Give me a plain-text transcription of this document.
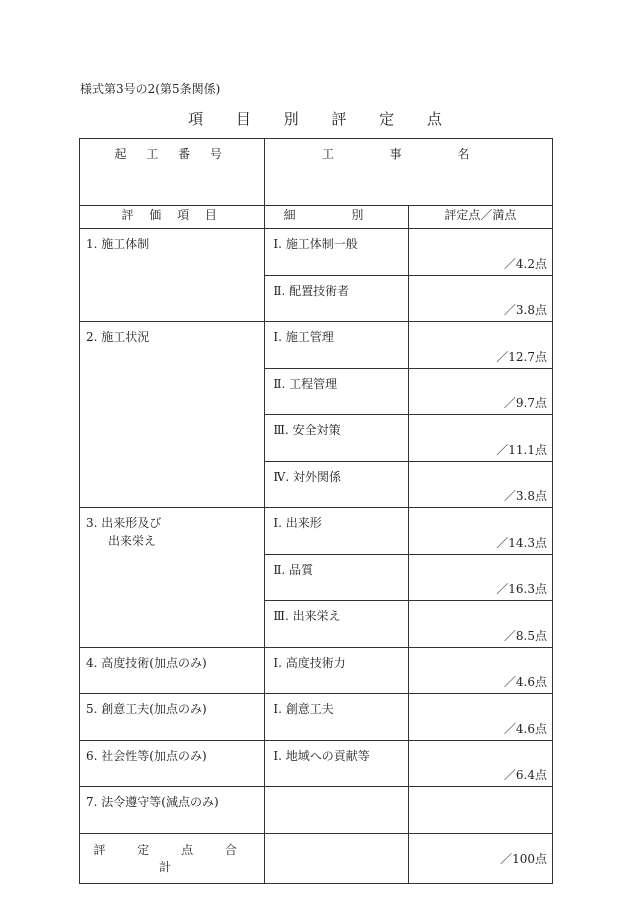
様式第3号の2(第5条関係)
項 目 別 評 定 点
起 工 番 号	工 事 名	

評 価 項 目	細 別	評定点／満点
1. 施工体制	Ⅰ. 施工体制一般	／4.2点
	Ⅱ. 配置技術者	／3.8点
2. 施工状況	Ⅰ. 施工管理	／12.7点
	Ⅱ. 工程管理	／9.7点
	Ⅲ. 安全対策	／11.1点
	Ⅳ. 対外関係	／3.8点
3. 出来形及び
出来栄え	Ⅰ. 出来形	／14.3点
	Ⅱ. 品質	／16.3点
	Ⅲ. 出来栄え	／8.5点
4. 高度技術(加点のみ)	Ⅰ. 高度技術力	／4.6点
5. 創意工夫(加点のみ)	Ⅰ. 創意工夫	／4.6点
6. 社会性等(加点のみ)	Ⅰ. 地域への貢献等	／6.4点
7. 法令遵守等(減点のみ)		
評 定 点 合 計		／100点
